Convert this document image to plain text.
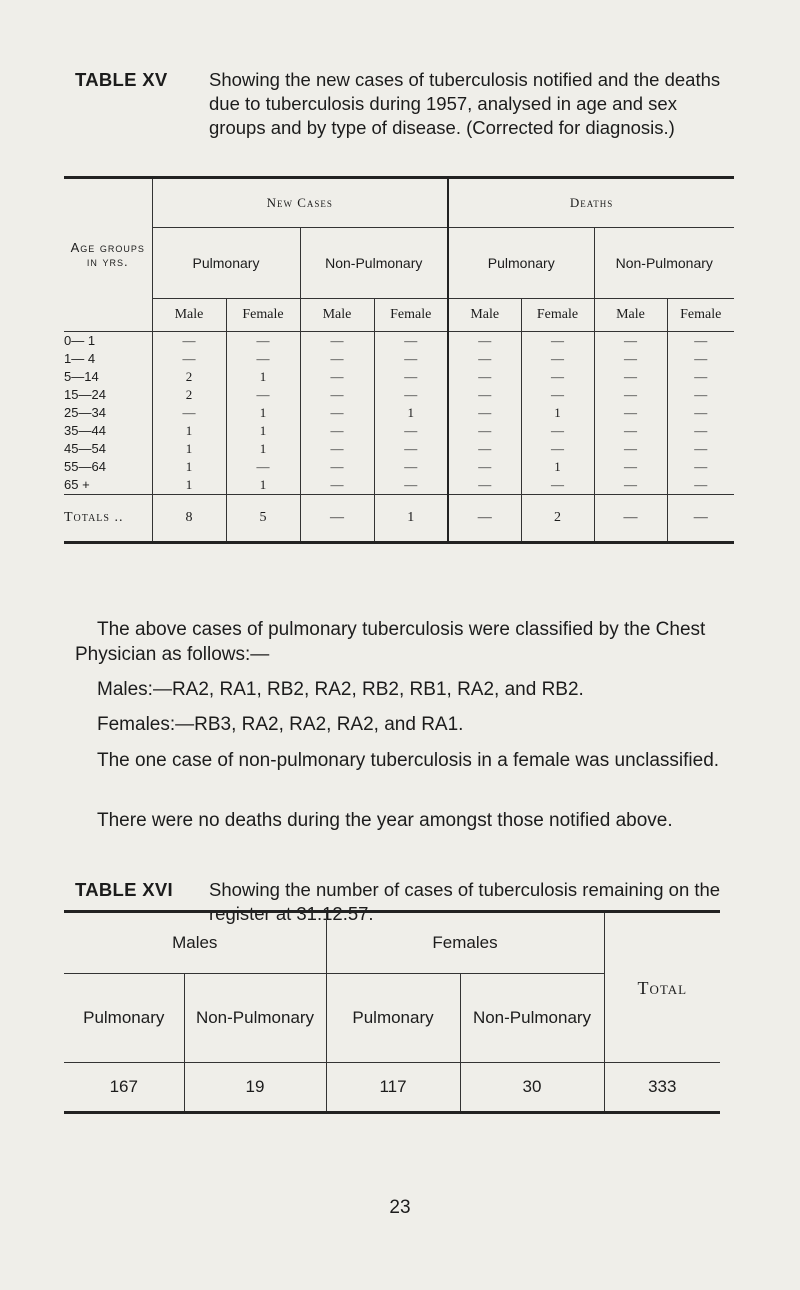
TABLE XV Showing the new cases of tuberculosis notified and the deaths due to tuberculosis during 1957, analysed in age and sex groups and by type of disease. (Corrected for diagnosis.)
Age groups in yrs.	New Cases				Deaths			
	Pulmonary		Non-Pulmonary		Pulmonary		Non-Pulmonary	
	Male	Female	Male	Female	Male	Female	Male	Female
0— 1	—	—	—	—	—	—	—	—
1— 4	—	—	—	—	—	—	—	—
5—14	2	1	—	—	—	—	—	—
15—24	2	—	—	—	—	—	—	—
25—34	—	1	—	1	—	1	—	—
35—44	1	1	—	—	—	—	—	—
45—54	1	1	—	—	—	—	—	—
55—64	1	—	—	—	—	1	—	—
65 +	1	1	—	—	—	—	—	—
Totals ..	8	5	—	1	—	2	—	—
The above cases of pulmonary tuberculosis were classified by the Chest Physician as follows:—
Males:—RA2, RA1, RB2, RA2, RB2, RB1, RA2, and RB2.
Females:—RB3, RA2, RA2, RA2, and RA1.
The one case of non-pulmonary tuberculosis in a female was unclassified.
There were no deaths during the year amongst those notified above.
TABLE XVI Showing the number of cases of tuberculosis remaining on the register at 31.12.57.
Males		Females		Total
Pulmonary	Non-Pulmonary	Pulmonary	Non-Pulmonary	
167	19	117	30	333
23
